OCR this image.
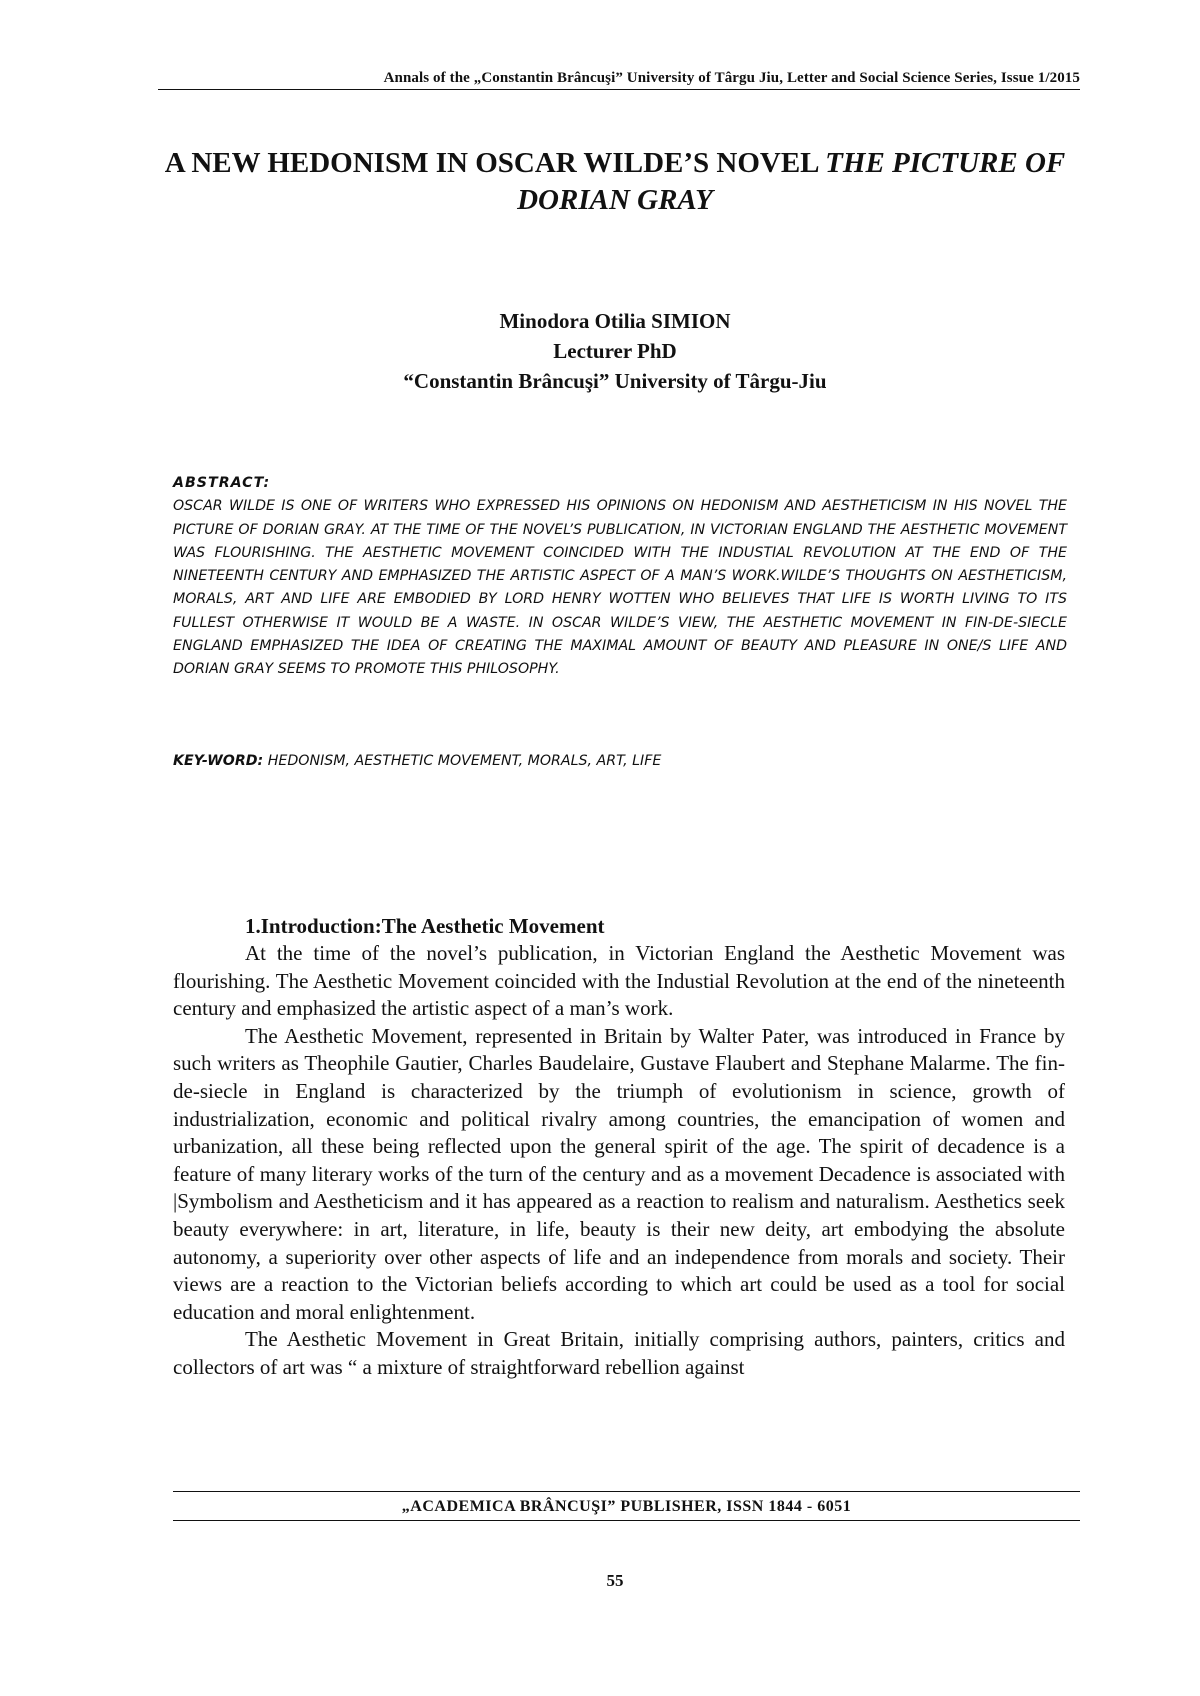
Annals of the „Constantin Brâncuşi” University of Târgu Jiu, Letter and Social Science Series, Issue 1/2015
A NEW HEDONISM IN OSCAR WILDE’S NOVEL THE PICTURE OF DORIAN GRAY
Minodora Otilia SIMION
Lecturer PhD
“Constantin Brâncuşi” University of Târgu-Jiu
ABSTRACT:
OSCAR WILDE IS ONE OF WRITERS WHO EXPRESSED HIS OPINIONS ON HEDONISM AND AESTHETICISM IN HIS NOVEL THE PICTURE OF DORIAN GRAY. AT THE TIME OF THE NOVEL’S PUBLICATION, IN VICTORIAN ENGLAND THE AESTHETIC MOVEMENT WAS FLOURISHING. THE AESTHETIC MOVEMENT COINCIDED WITH THE INDUSTIAL REVOLUTION AT THE END OF THE NINETEENTH CENTURY AND EMPHASIZED THE ARTISTIC ASPECT OF A MAN’S WORK.WILDE’S THOUGHTS ON AESTHETICISM, MORALS, ART AND LIFE ARE EMBODIED BY LORD HENRY WOTTEN WHO BELIEVES THAT LIFE IS WORTH LIVING TO ITS FULLEST OTHERWISE IT WOULD BE A WASTE. IN OSCAR WILDE’S VIEW, THE AESTHETIC MOVEMENT IN FIN-DE-SIECLE ENGLAND EMPHASIZED THE IDEA OF CREATING THE MAXIMAL AMOUNT OF BEAUTY AND PLEASURE IN ONE/S LIFE AND DORIAN GRAY SEEMS TO PROMOTE THIS PHILOSOPHY.
KEY-WORD: HEDONISM, AESTHETIC MOVEMENT, MORALS, ART, LIFE
1.Introduction:The Aesthetic Movement

At the time of the novel’s publication, in Victorian England the Aesthetic Movement was flourishing. The Aesthetic Movement coincided with the Industial Revolution at the end of the nineteenth century and emphasized the artistic aspect of a man’s work.

The Aesthetic Movement, represented in Britain by Walter Pater, was introduced in France by such writers as Theophile Gautier, Charles Baudelaire, Gustave Flaubert and Stephane Malarme. The fin-de-siecle in England is characterized by the triumph of evolutionism in science, growth of industrialization, economic and political rivalry among countries, the emancipation of women and urbanization, all these being reflected upon the general spirit of the age. The spirit of decadence is a feature of many literary works of the turn of the century and as a movement Decadence is associated with |Symbolism and Aestheticism and it has appeared as a reaction to realism and naturalism. Aesthetics seek beauty everywhere: in art, literature, in life, beauty is their new deity, art embodying the absolute autonomy, a superiority over other aspects of life and an independence from morals and society. Their views are a reaction to the Victorian beliefs according to which art could be used as a tool for social education and moral enlightenment.

The Aesthetic Movement in Great Britain, initially comprising authors, painters, critics and collectors of art was “ a mixture of straightforward rebellion against

„ACADEMICA BRÂNCUŞI” PUBLISHER, ISSN 1844 - 6051
55
